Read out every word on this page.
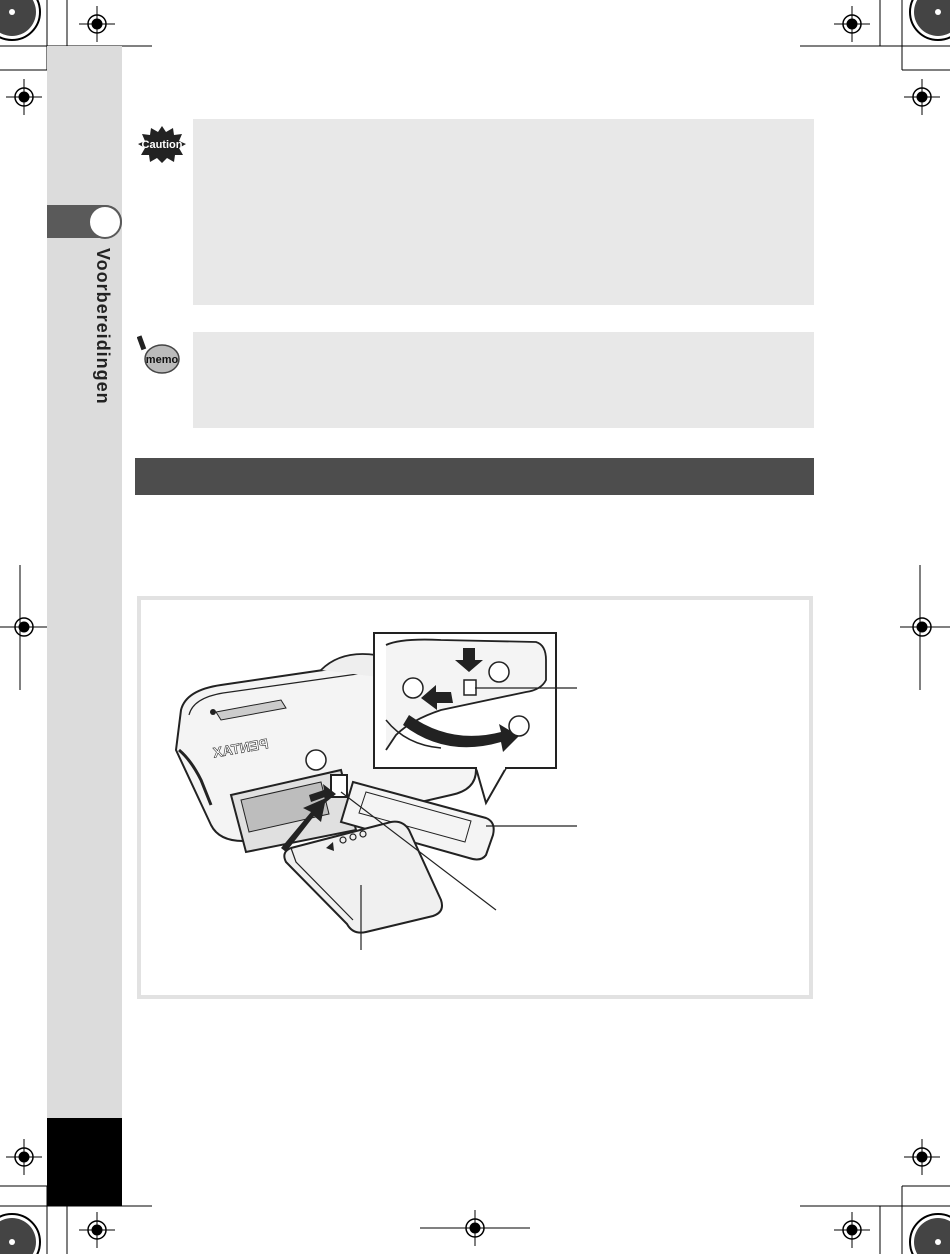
Voorbereidingen
Caution
memo
PENTAX
